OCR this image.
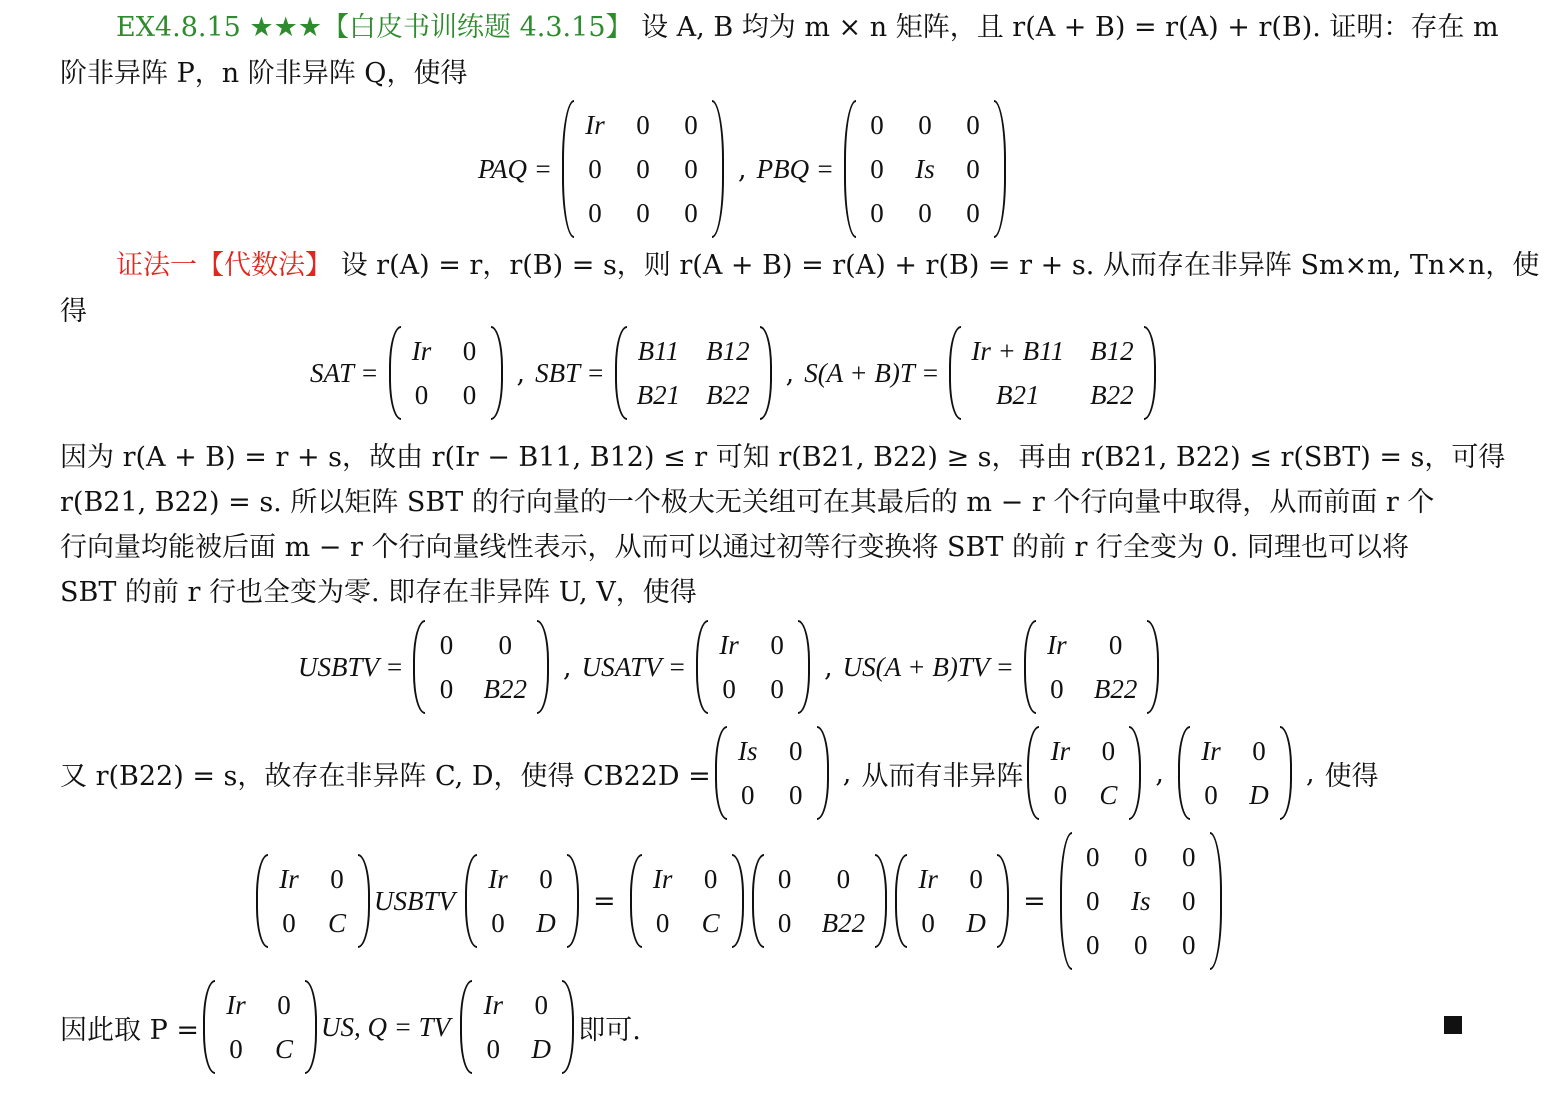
EX4.8.15 ★★★【白皮书训练题 4.3.15】 设 A, B 均为 m × n 矩阵，且 r(A + B) = r(A) + r(B). 证明：存在 m
阶非异阵 P，n 阶非异阵 Q，使得
PAQ =
Ir 0 0
0 0 0
0 0 0
, PBQ =
0 0 0
0 Is 0
0 0 0
证法一【代数法】 设 r(A) = r，r(B) = s，则 r(A + B) = r(A) + r(B) = r + s. 从而存在非异阵 Sm×m, Tn×n，使
得
SAT =
Ir 0
0 0
, SBT =
B11 B12
B21 B22
, S(A + B)T =
Ir + B11 B12
B21	B22
因为 r(A + B) = r + s，故由 r(Ir − B11, B12) ≤ r 可知 r(B21, B22) ≥ s，再由 r(B21, B22) ≤ r(SBT) = s，可得
r(B21, B22) = s. 所以矩阵 SBT 的行向量的一个极大无关组可在其最后的 m − r 个行向量中取得，从而前面 r 个
行向量均能被后面 m − r 个行向量线性表示，从而可以通过初等行变换将 SBT 的前 r 行全变为 0. 同理也可以将
SBT 的前 r 行也全变为零. 即存在非异阵 U, V，使得
USBTV =
0	0
0 B22
, USATV =
Ir 0
0 0
, US(A + B)TV =
Ir	0
0 B22
又 r(B22) = s，故存在非异阵 C, D，使得 CB22D =
Is 0
0 0
, 从而有非异阵
Ir 0
0 C
,
Ir 0
0 D
, 使得
Ir 0
0 C
USBTV
Ir 0
0 D
=
Ir 0
0 C
0	0
0 B22
Ir 0
0 D
=
0 0 0
0 Is 0
0 0 0
因此取 P =
Ir 0
0 C
US, Q = TV
Ir 0
0 D
即可.
